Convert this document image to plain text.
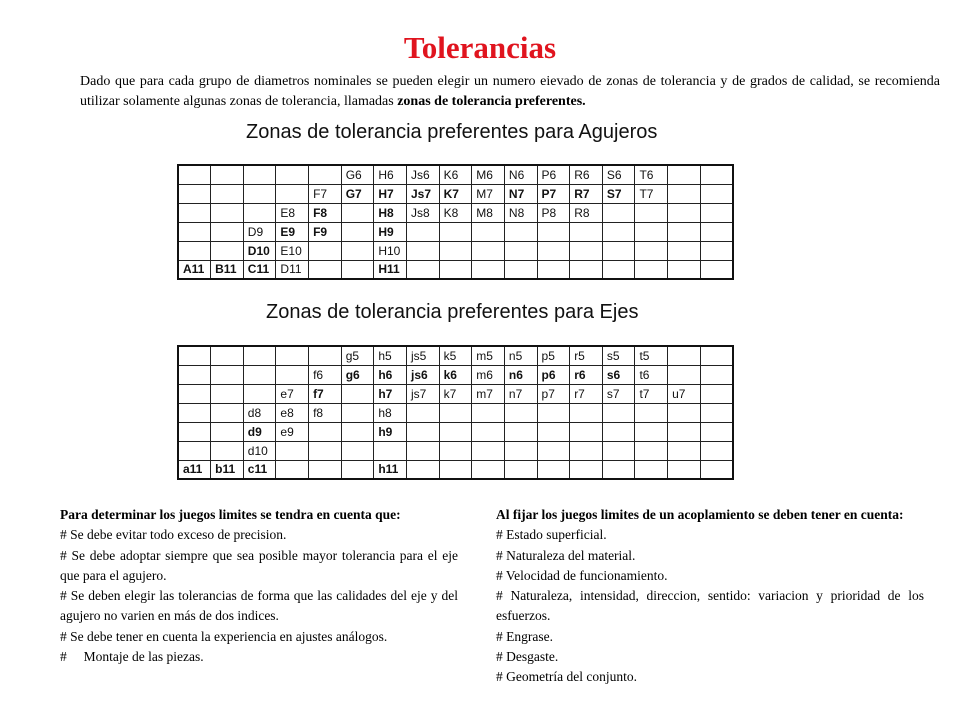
Tolerancias
Dado que para cada grupo de diametros nominales se pueden elegir un numero eievado de zonas de tolerancia y de grados de calidad, se recomienda utilizar solamente algunas zonas de tolerancia, llamadas zonas de tolerancia preferentes.
Zonas de tolerancia preferentes para Agujeros
					G6	H6	Js6	K6	M6	N6	P6	R6	S6	T6		
				F7	G7	H7	Js7	K7	M7	N7	P7	R7	S7	T7		
			E8	F8		H8	Js8	K8	M8	N8	P8	R8				
		D9	E9	F9		H9										
		D10	E10			H10										
A11	B11	C11	D11			H11										
Zonas de tolerancia preferentes para Ejes
					g5	h5	js5	k5	m5	n5	p5	r5	s5	t5		
				f6	g6	h6	js6	k6	m6	n6	p6	r6	s6	t6		
			e7	f7		h7	js7	k7	m7	n7	p7	r7	s7	t7	u7	
		d8	e8	f8		h8										
		d9	e9			h9										
		d10														
a11	b11	c11				h11										
Para determinar los juegos limites se tendra en cuenta que:
# Se debe evitar todo exceso de precision.
# Se debe adoptar siempre que sea posible mayor tolerancia para el eje que para el agujero.
# Se deben elegir las tolerancias de forma que las calidades del eje y del agujero no varien en más de dos indices.
# Se debe tener en cuenta la experiencia en ajustes análogos.
#     Montaje de las piezas.
Al fijar los juegos limites de un acoplamiento se deben tener en cuenta:
# Estado superficial.
# Naturaleza del material.
# Velocidad de funcionamiento.
# Naturaleza, intensidad, direccion, sentido: variacion y prioridad de los esfuerzos.
# Engrase.
# Desgaste.
# Geometría del conjunto.
